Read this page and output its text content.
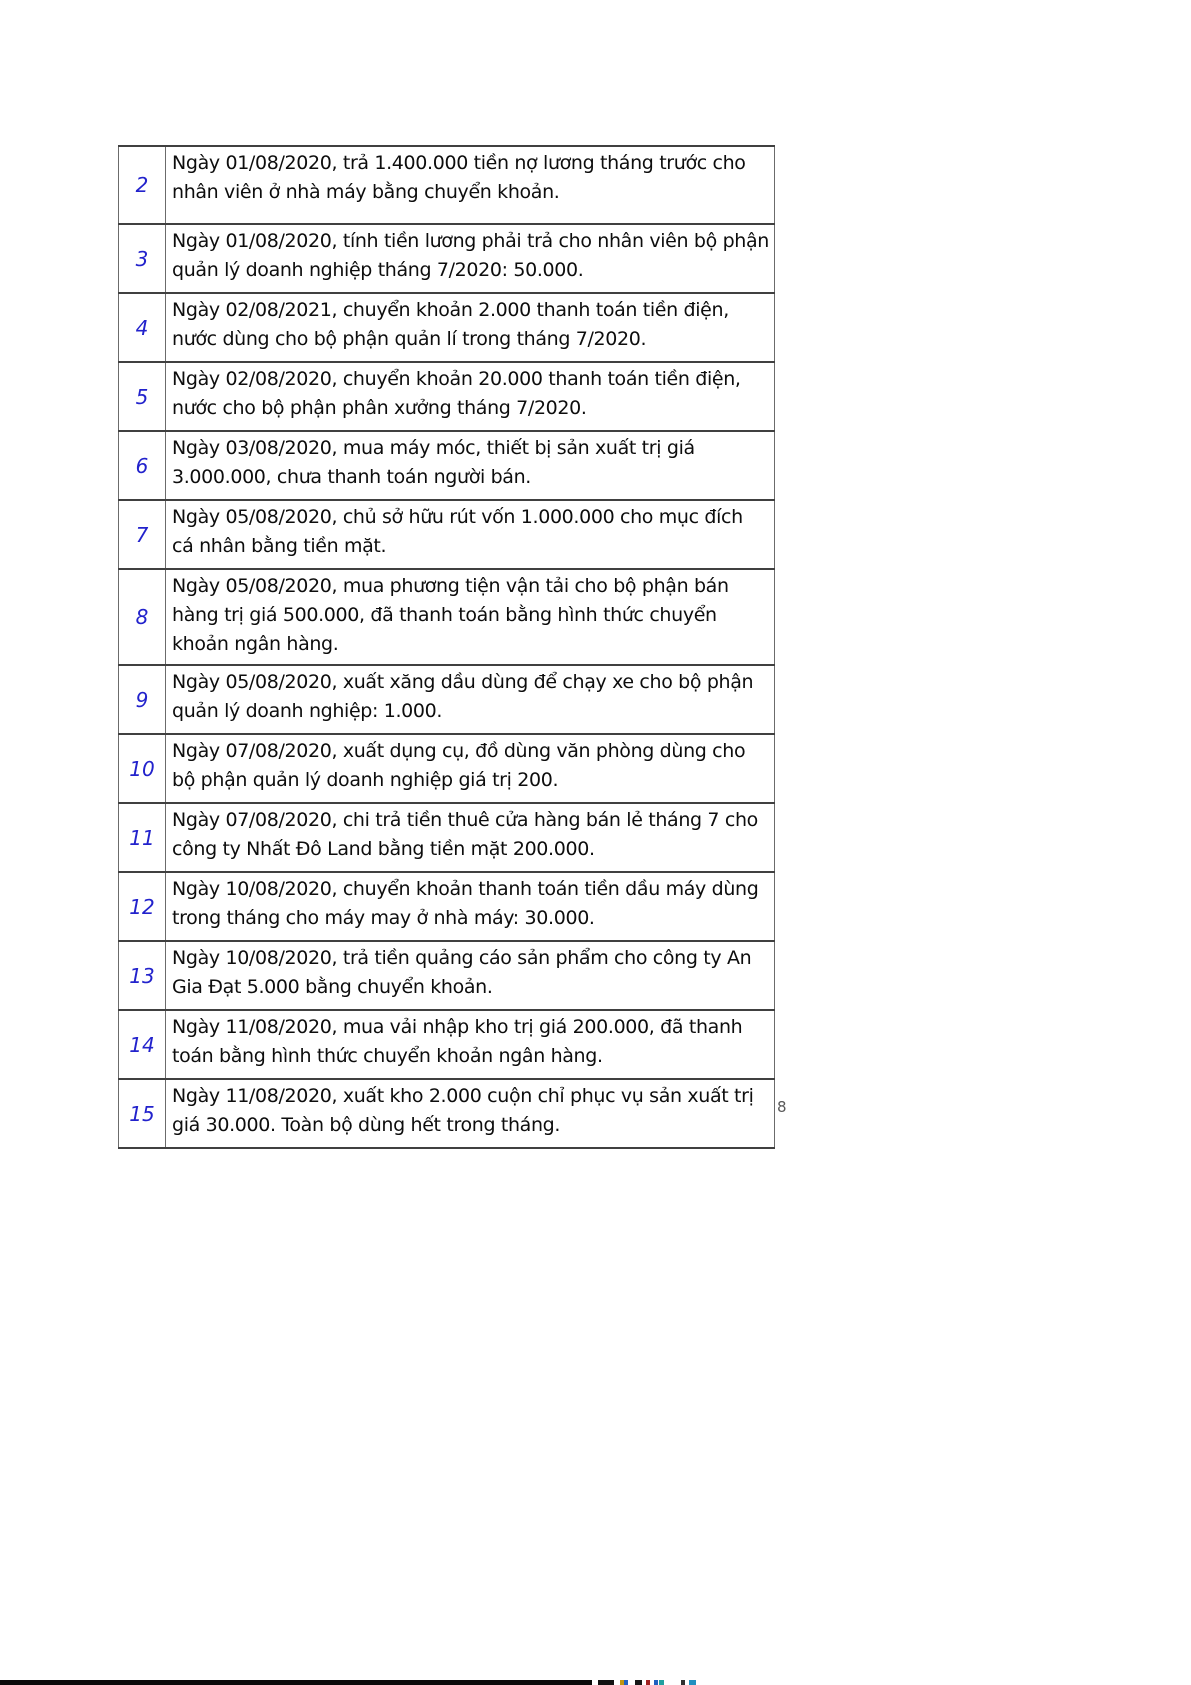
2	Ngày 01/08/2020, trả 1.400.000 tiền nợ lương tháng trước cho nhân viên ở nhà máy bằng chuyển khoản.
3	Ngày 01/08/2020, tính tiền lương phải trả cho nhân viên bộ phận quản lý doanh nghiệp tháng 7/2020: 50.000.
4	Ngày 02/08/2021, chuyển khoản 2.000 thanh toán tiền điện, nước dùng cho bộ phận quản lí trong tháng 7/2020.
5	Ngày 02/08/2020, chuyển khoản 20.000 thanh toán tiền điện, nước cho bộ phận phân xưởng tháng 7/2020.
6	Ngày 03/08/2020, mua máy móc, thiết bị sản xuất trị giá 3.000.000, chưa thanh toán người bán.
7	Ngày 05/08/2020, chủ sở hữu rút vốn 1.000.000 cho mục đích cá nhân bằng tiền mặt.
8	Ngày 05/08/2020, mua phương tiện vận tải cho bộ phận bán hàng trị giá 500.000, đã thanh toán bằng hình thức chuyển khoản ngân hàng.
9	Ngày 05/08/2020, xuất xăng dầu dùng để chạy xe cho bộ phận quản lý doanh nghiệp: 1.000.
10	Ngày 07/08/2020, xuất dụng cụ, đồ dùng văn phòng dùng cho bộ phận quản lý doanh nghiệp giá trị 200.
11	Ngày 07/08/2020, chi trả tiền thuê cửa hàng bán lẻ tháng 7 cho công ty Nhất Đô Land bằng tiền mặt 200.000.
12	Ngày 10/08/2020, chuyển khoản thanh toán tiền dầu máy dùng trong tháng cho máy may ở nhà máy: 30.000.
13	Ngày 10/08/2020, trả tiền quảng cáo sản phẩm cho công ty An Gia Đạt 5.000 bằng chuyển khoản.
14	Ngày 11/08/2020, mua vải nhập kho trị giá 200.000, đã thanh toán bằng hình thức chuyển khoản ngân hàng.
15	Ngày 11/08/2020, xuất kho 2.000 cuộn chỉ phục vụ sản xuất trị giá 30.000. Toàn bộ dùng hết trong tháng.
8
